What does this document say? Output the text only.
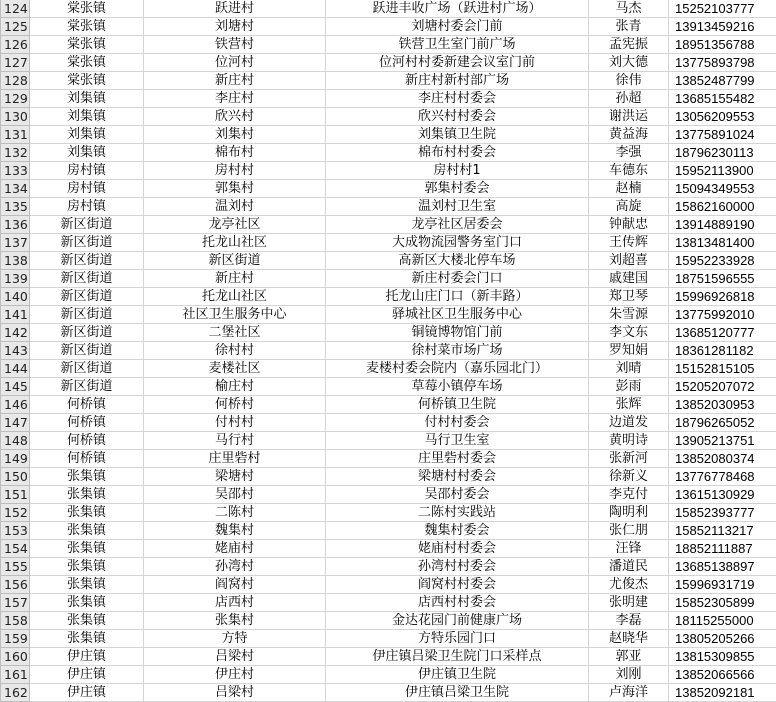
124	棠张镇	跃进村	跃进丰收广场（跃进村广场）	马杰	15252103777
125	棠张镇	刘塘村	刘塘村委会门前	张青	13913459216
126	棠张镇	铁营村	铁营卫生室门前广场	孟宪振	18951356788
127	棠张镇	位河村	位河村村委新建会议室门前	刘大德	13775893798
128	棠张镇	新庄村	新庄村新村部广场	徐伟	13852487799
129	刘集镇	李庄村	李庄村村委会	孙超	13685155482
130	刘集镇	欣兴村	欣兴村村委会	谢洪运	13056209553
131	刘集镇	刘集村	刘集镇卫生院	黄益海	13775891024
132	刘集镇	棉布村	棉布村村委会	李强	18796230113
133	房村镇	房村村	房村村1	车德东	15952113900
134	房村镇	郭集村	郭集村委会	赵楠	15094349553
135	房村镇	温刘村	温刘村卫生室	高旋	15862160000
136	新区街道	龙亭社区	龙亭社区居委会	钟献忠	13914889190
137	新区街道	托龙山社区	大成物流园警务室门口	王传辉	13813481400
138	新区街道	新区街道	高新区大楼北停车场	刘超喜	15952233928
139	新区街道	新庄村	新庄村委会门口	戚建国	18751596555
140	新区街道	托龙山社区	托龙山庄门口（新丰路）	郑卫琴	15996926818
141	新区街道	社区卫生服务中心	驿城社区卫生服务中心	朱雪源	13775992010
142	新区街道	二堡社区	铜镜博物馆门前	李文东	13685120777
143	新区街道	徐村村	徐村菜市场广场	罗知娟	18361281182
144	新区街道	麦楼社区	麦楼村委会院内（嘉乐园北门）	刘晴	15152815105
145	新区街道	榆庄村	草莓小镇停车场	彭雨	15205207072
146	何桥镇	何桥村	何桥镇卫生院	张辉	13852030953
147	何桥镇	付村村	付村村委会	边道发	18796265052
148	何桥镇	马行村	马行卫生室	黄明诗	13905213751
149	何桥镇	庄里砦村	庄里砦村委会	张新河	13852080374
150	张集镇	梁塘村	梁塘村村委会	徐新义	13776778468
151	张集镇	吴邵村	吴邵村委会	李克付	13615130929
152	张集镇	二陈村	二陈村实践站	陶明利	15852393777
153	张集镇	魏集村	魏集村委会	张仁朋	15852113217
154	张集镇	姥庙村	姥庙村村委会	汪锋	18852111887
155	张集镇	孙湾村	孙湾村村委会	潘道民	13685138897
156	张集镇	阎窝村	阎窝村村委会	尤俊杰	15996931719
157	张集镇	店西村	店西村村委会	张明建	15852305899
158	张集镇	张集村	金达花园门前健康广场	李磊	18115255000
159	张集镇	方特	方特乐园门口	赵晓华	13805205266
160	伊庄镇	吕梁村	伊庄镇吕梁卫生院门口采样点	郭亚	13815309855
161	伊庄镇	伊庄村	伊庄镇卫生院	刘刚	13852066566
162	伊庄镇	吕梁村	伊庄镇吕梁卫生院	卢海洋	13852092181
